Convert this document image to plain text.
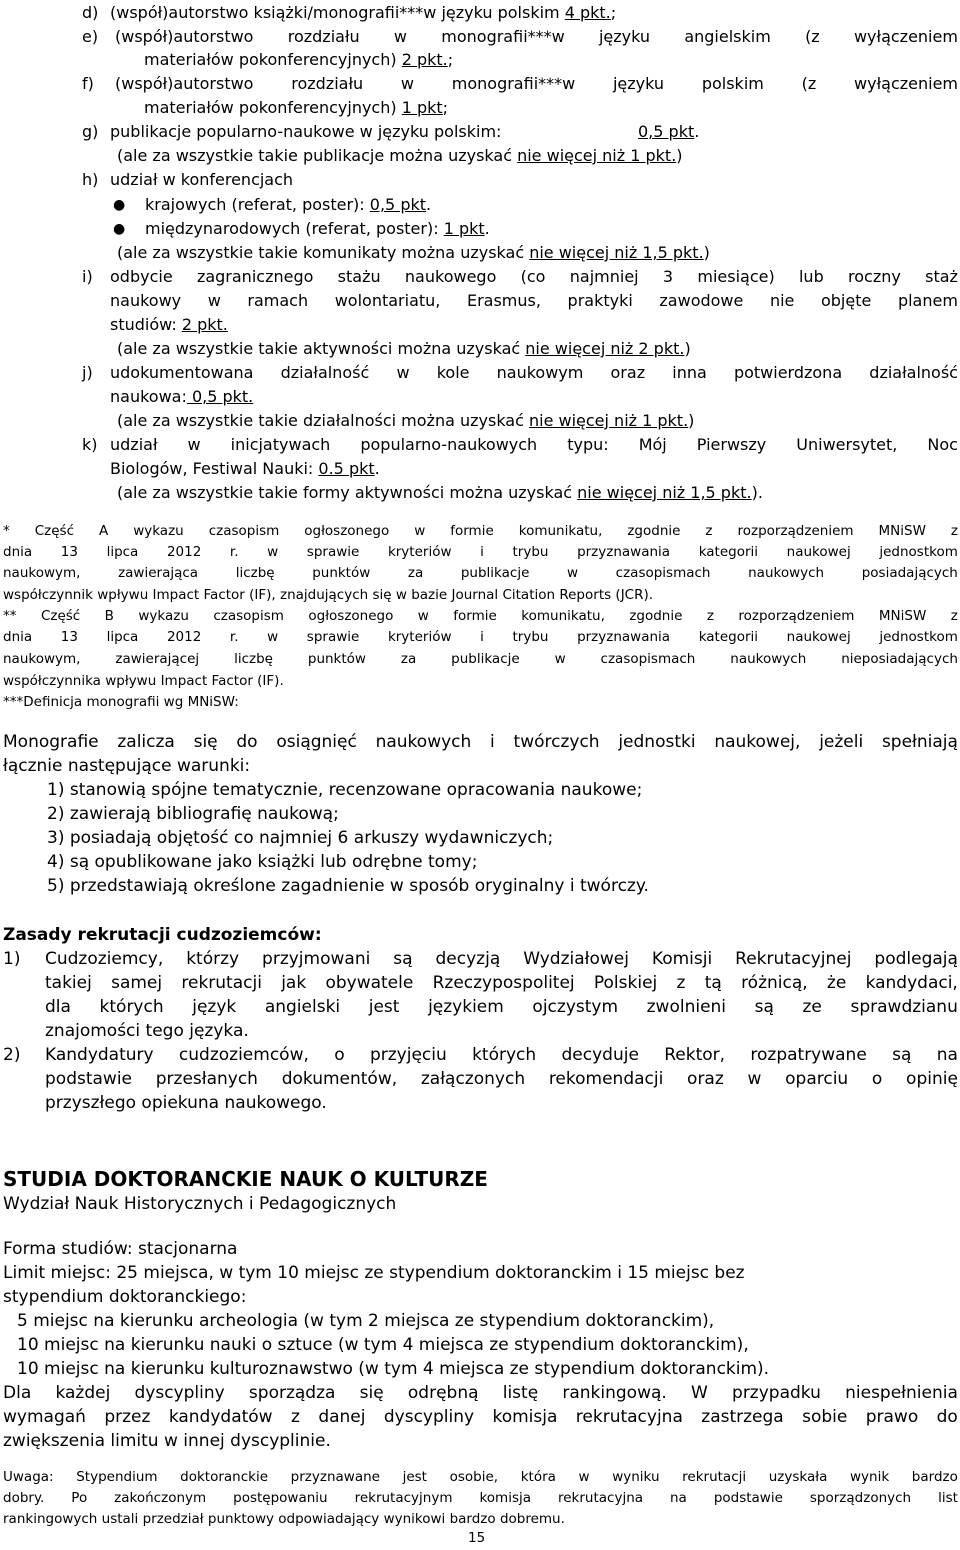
d) (współ)autorstwo książki/monografii***w języku polskim 4 pkt.;
e) (współ)autorstwo rozdziału w monografii***w języku angielskim (z wyłączeniem
materiałów pokonferencyjnych) 2 pkt.;
f) (współ)autorstwo rozdziału w monografii***w języku polskim (z wyłączeniem
materiałów pokonferencyjnych) 1 pkt;
g) publikacje popularno-naukowe w języku polskim:	0,5 pkt.
(ale za wszystkie takie publikacje można uzyskać nie więcej niż 1 pkt.)
h) udział w konferencjach
● krajowych (referat, poster): 0,5 pkt.
● międzynarodowych (referat, poster): 1 pkt.
(ale za wszystkie takie komunikaty można uzyskać nie więcej niż 1,5 pkt.)
i) odbycie zagranicznego stażu naukowego (co najmniej 3 miesiące) lub roczny staż
naukowy w ramach wolontariatu, Erasmus, praktyki zawodowe nie objęte planem
studiów: 2 pkt.
(ale za wszystkie takie aktywności można uzyskać nie więcej niż 2 pkt.)
j) udokumentowana działalność w kole naukowym oraz inna potwierdzona działalność
naukowa: 0,5 pkt.
(ale za wszystkie takie działalności można uzyskać nie więcej niż 1 pkt.)
k) udział w inicjatywach popularno-naukowych typu: Mój Pierwszy Uniwersytet, Noc
Biologów, Festiwal Nauki: 0.5 pkt.
(ale za wszystkie takie formy aktywności można uzyskać nie więcej niż 1,5 pkt.).
* Część A wykazu czasopism ogłoszonego w formie komunikatu, zgodnie z rozporządzeniem MNiSW z
dnia 13 lipca 2012 r. w sprawie kryteriów i trybu przyznawania kategorii naukowej jednostkom
naukowym,	zawierająca	liczbę	punktów	za	publikacje	w	czasopismach	naukowych	posiadających
współczynnik wpływu Impact Factor (IF), znajdujących się w bazie Journal Citation Reports (JCR).
** Część B wykazu czasopism ogłoszonego w formie komunikatu, zgodnie z rozporządzeniem MNiSW z
dnia 13 lipca 2012 r. w sprawie kryteriów i trybu przyznawania kategorii naukowej jednostkom
naukowym,	zawierającej	liczbę	punktów	za	publikacje	w	czasopismach	naukowych	nieposiadających
współczynnika wpływu Impact Factor (IF).
***Definicja monografii wg MNiSW:
Monografie zalicza się do osiągnięć naukowych i twórczych jednostki naukowej, jeżeli spełniają
łącznie następujące warunki:
1) stanowią spójne tematycznie, recenzowane opracowania naukowe;
2) zawierają bibliografię naukową;
3) posiadają objętość co najmniej 6 arkuszy wydawniczych;
4) są opublikowane jako książki lub odrębne tomy;
5) przedstawiają określone zagadnienie w sposób oryginalny i twórczy.
Zasady rekrutacji cudzoziemców:
1) Cudzoziemcy, którzy przyjmowani są decyzją Wydziałowej Komisji Rekrutacyjnej podlegają
takiej samej rekrutacji jak obywatele Rzeczypospolitej Polskiej z tą różnicą, że kandydaci,
dla których język angielski jest językiem ojczystym zwolnieni są ze sprawdzianu
znajomości tego języka.
2) Kandydatury cudzoziemców, o przyjęciu których decyduje Rektor, rozpatrywane są na
podstawie przesłanych dokumentów, załączonych rekomendacji oraz w oparciu o opinię
przyszłego opiekuna naukowego.
STUDIA DOKTORANCKIE NAUK O KULTURZE
Wydział Nauk Historycznych i Pedagogicznych
Forma studiów: stacjonarna
Limit miejsc: 25 miejsca, w tym 10 miejsc ze stypendium doktoranckim i 15 miejsc bez
stypendium doktoranckiego:
5 miejsc na kierunku archeologia (w tym 2 miejsca ze stypendium doktoranckim),
10 miejsc na kierunku nauki o sztuce (w tym 4 miejsca ze stypendium doktoranckim),
10 miejsc na kierunku kulturoznawstwo (w tym 4 miejsca ze stypendium doktoranckim).
Dla każdej dyscypliny sporządza się odrębną listę rankingową. W przypadku niespełnienia
wymagań przez kandydatów z danej dyscypliny komisja rekrutacyjna zastrzega sobie prawo do
zwiększenia limitu w innej dyscyplinie.
Uwaga: Stypendium doktoranckie przyznawane jest osobie, która w wyniku rekrutacji uzyskała wynik bardzo
dobry. Po zakończonym postępowaniu rekrutacyjnym komisja rekrutacyjna na podstawie sporządzonych list
rankingowych ustali przedział punktowy odpowiadający wynikowi bardzo dobremu.
15
